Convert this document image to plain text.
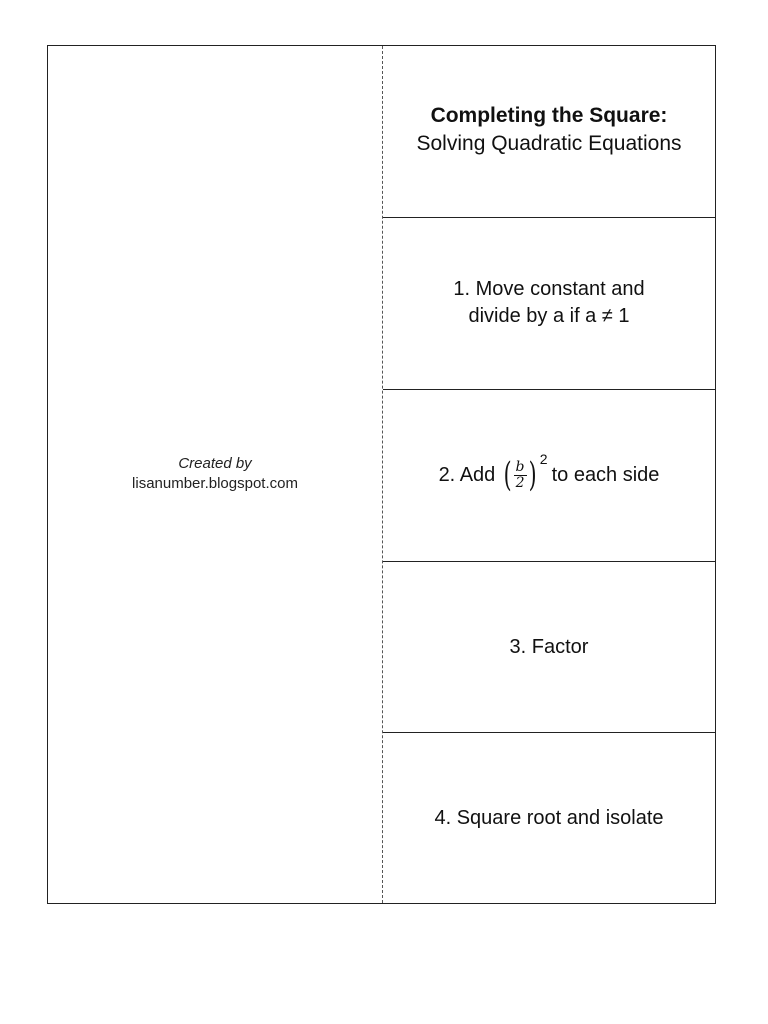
Created by
lisanumber.blogspot.com
Completing the Square:
Solving Quadratic Equations
1. Move constant and
divide by a if a ≠ 1
2. Add ( $\frac{b}{2}$ ) 2
to each side
3. Factor
4. Square root and isolate
